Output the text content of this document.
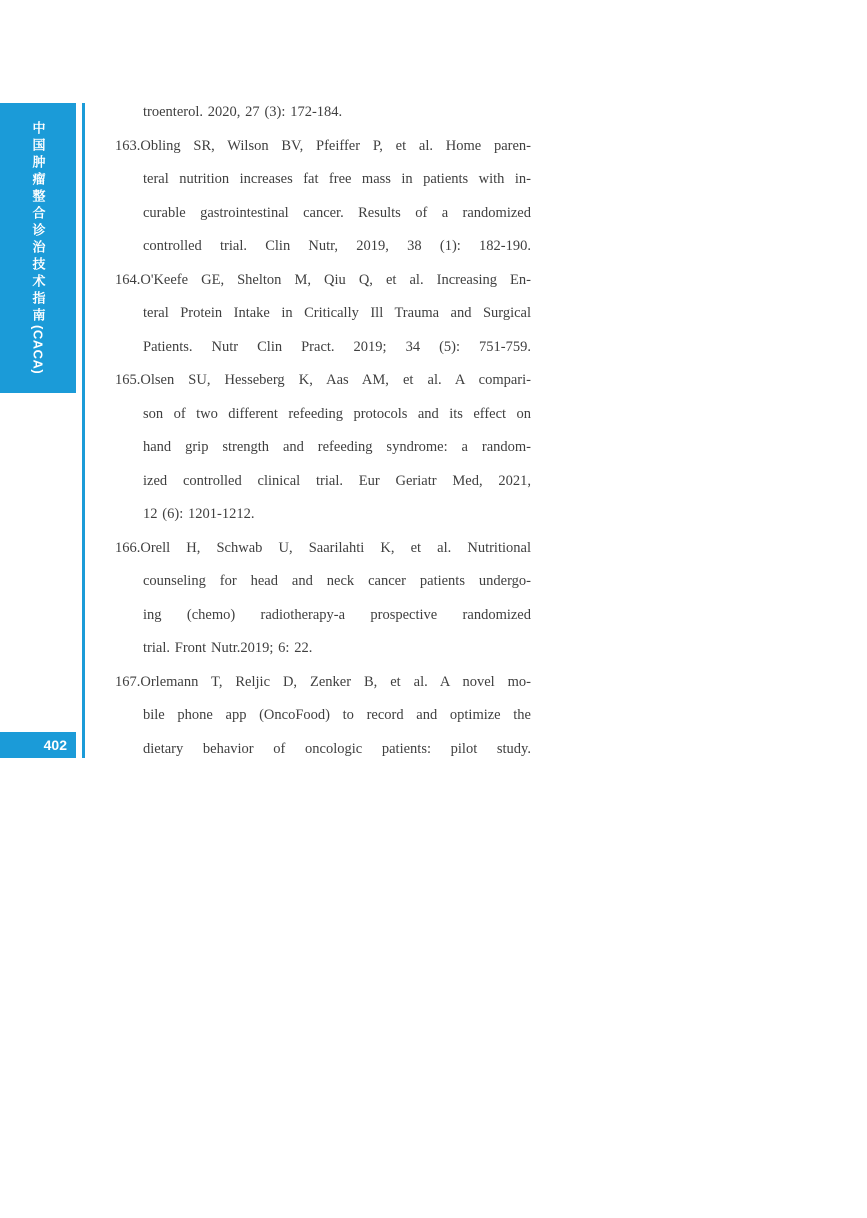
中国肿瘤整合诊治技术指南(CACA)
402
troenterol. 2020, 27 (3): 172-184.
163.Obling SR, Wilson BV, Pfeiffer P, et al. Home paren-
teral nutrition increases fat free mass in patients with in-
curable gastrointestinal cancer. Results of a randomized
controlled trial. Clin Nutr, 2019, 38 (1): 182-190.
164.O'Keefe GE, Shelton M, Qiu Q, et al. Increasing En-
teral Protein Intake in Critically Ill Trauma and Surgical
Patients. Nutr Clin Pract. 2019; 34 (5): 751-759.
165.Olsen SU, Hesseberg K, Aas AM, et al. A compari-
son of two different refeeding protocols and its effect on
hand grip strength and refeeding syndrome: a random-
ized controlled clinical trial. Eur Geriatr Med, 2021,
12 (6): 1201-1212.
166.Orell H, Schwab U, Saarilahti K, et al. Nutritional
counseling for head and neck cancer patients undergo-
ing (chemo) radiotherapy-a prospective randomized
trial. Front Nutr.2019; 6: 22.
167.Orlemann T, Reljic D, Zenker B, et al. A novel mo-
bile phone app (OncoFood) to record and optimize the
dietary behavior of oncologic patients: pilot study.
